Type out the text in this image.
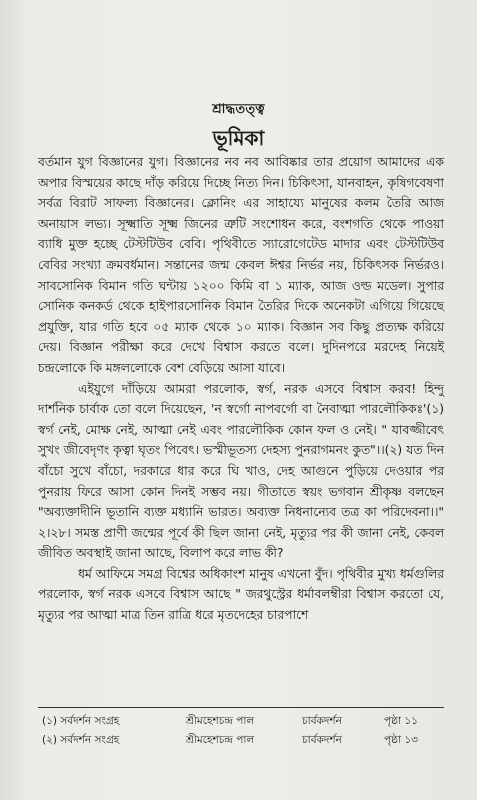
শ্রাদ্ধতত্ত্ব
ভূমিকা

বর্তমান যুগ বিজ্ঞানের যুগ। বিজ্ঞানের নব নব আবিষ্কার তার প্রয়োগ আমাদের এক অপার বিস্ময়ের কাছে দাঁড় করিয়ে দিচ্ছে নিত্য দিন। চিকিৎসা, যানবাহন, কৃষিগবেষণা সর্বত্র বিরাট সাফল্য বিজ্ঞানের। ক্লোনিং এর সাহায্যে মানুষের কলম তৈরি আজ অনায়াস লভ্য। সূক্ষ্মাতি সূক্ষ্ম জিনের ত্রুটি সংশোধন করে, বংশগতি থেকে পাওয়া ব্যাধি মুক্ত হচ্ছে টেস্টটিউব বেবি। পৃথিবীতে স্যারোগেটেড মাদার এবং টেস্টটিউব বেবির সংখ্যা ক্রমবর্ধমান। সন্তানের জন্ম কেবল ঈশ্বর নির্ভর নয়, চিকিৎসক নির্ভরও। সাবসোনিক বিমান গতি ঘন্টায় ১২০০ কিমি বা ১ ম্যাক, আজ ওল্ড মডেল। সুপার সোনিক কনকর্ড থেকে হাইপারসোনিক বিমান তৈরির দিকে অনেকটা এগিয়ে গিয়েছে প্রযুক্তি, যার গতি হবে ০৫ ম্যাক থেকে ১০ ম্যাক। বিজ্ঞান সব কিছু প্রত্যক্ষ করিয়ে দেয়। বিজ্ঞান পরীক্ষা করে দেখে বিশ্বাস করতে বলে। দুদিনপরে মরদেহ নিয়েই চন্দ্রলোকে কি মঙ্গললোকে বেশ বেড়িয়ে আসা যাবে।

এইযুগে দাঁড়িয়ে আমরা পরলোক, স্বর্গ, নরক এসবে বিশ্বাস করব! হিন্দু দার্শনিক চার্বাক তো বলে দিয়েছেন, 'ন স্বর্গো নাপবর্গো বা নৈবাত্মা পারলৌকিকঃ'(১) স্বর্গ নেই, মোক্ষ নেই, আত্মা নেই এবং পারলৌকিক কোন ফল ও নেই। " যাবজ্জীবেৎ সুখং জীবেদৃণং কৃত্বা ঘৃতং পিবেৎ। ভস্মীভূতস্য দেহস্য পুনরাগমনং কুত"।।(২) যত দিন বাঁচো সুখে বাঁচো, দরকারে ধার করে ঘি খাও, দেহ আগুনে পুড়িয়ে দেওয়ার পর পুনরায় ফিরে আসা কোন দিনই সম্ভব নয়। গীতাতে স্বয়ং ভগবান শ্রীকৃষ্ণ বলছেন "অব্যক্তাদীনি ভূতানি ব্যক্ত মধ্যানি ভারত। অব্যক্ত নিধনান্যেব তত্র কা পরিদেবনা।।" ২।২৮। সমস্ত প্রাণী জন্মের পূর্বে কী ছিল জানা নেই, মৃত্যুর পর কী জানা নেই, কেবল জীবিত অবস্থাই জানা আছে, বিলাপ করে লাভ কী?

ধর্ম আফিমে সমগ্র বিশ্বের অধিকাংশ মানুষ এখনো বুঁদ। পৃথিবীর মুখ্য ধর্মগুলির পরলোক, স্বর্গ নরক এসবে বিশ্বাস আছে " জরথুস্ট্রের ধর্মাবলম্বীরা বিশ্বাস করতো যে, মৃত্যুর পর আত্মা মাত্র তিন রাত্রি ধরে মৃতদেহের চারপাশে

(১) সর্বদর্শন সংগ্রহ	শ্রীমহেশচন্দ্র পাল	চার্বকদর্শন	পৃষ্ঠা ১১
(২) সর্বদর্শন সংগ্রহ	শ্রীমহেশচন্দ্র পাল	চার্বকদর্শন	পৃষ্ঠা ১৩
